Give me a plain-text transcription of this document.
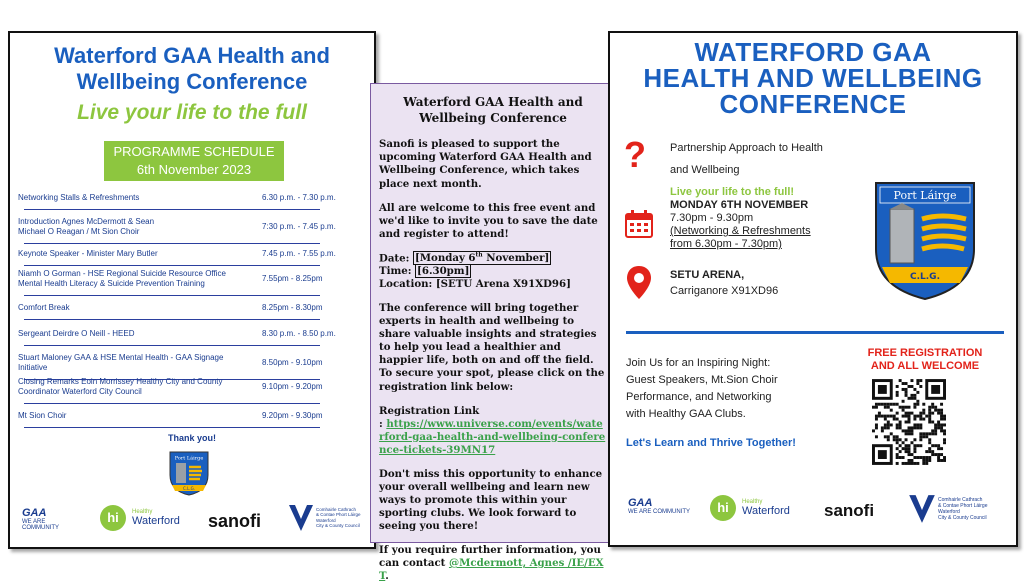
Waterford GAA Health and
Wellbeing Conference
Live your life to the full
PROGRAMME SCHEDULE
6th November 2023
Networking Stalls & Refreshments	6.30 p.m. - 7.30 p.m.
Introduction Agnes McDermott & Sean
Michael O Reagan / Mt Sion Choir
7:30 p.m. - 7.45 p.m.
Keynote Speaker - Minister Mary Butler	7.45 p.m. - 7.55 p.m.
Niamh O Gorman - HSE Regional Suicide Resource Office
Mental Health Literacy & Suicide Prevention Training
7.55pm - 8.25pm
Comfort Break	8.25pm - 8.30pm
Sergeant Deirdre O Neill - HEED	8.30 p.m. - 8.50 p.m.
Stuart Maloney GAA & HSE Mental Health - GAA Signage
Initiative
8.50pm - 9.10pm
Closing Remarks Eoin Morrissey Healthy City and County
Coordinator Waterford City Council
9.10pm - 9.20pm
Mt Sion Choir	9.20pm - 9.30pm
Thank you!
Port Láirge
C.L.G.
GAA
WE ARE COMMUNITY
hi	Healthy
Waterford sanofi
Comhairle Cathrach
& Contae Phort Láirge
Waterford
City & County Council
Waterford GAA Health and
Wellbeing Conference

Sanofi is pleased to support the upcoming Waterford GAA Health and Wellbeing Conference, which takes place next month.

All are welcome to this free event and we'd like to invite you to save the date and register to attend!

Date: [Monday 6th November]
Time: [6.30pm]
Location: [SETU Arena X91XD96]

The conference will bring together experts in health and wellbeing to share valuable insights and strategies to help you lead a healthier and happier life, both on and off the field. To secure your spot, please click on the registration link below:

Registration Link
: https://www.universe.com/events/waterford-gaa-health-and-wellbeing-conference-tickets-39MN17

Don't miss this opportunity to enhance your overall wellbeing and learn new ways to promote this within your sporting clubs. We look forward to seeing you there!

If you require further information, you can contact @Mcdermott, Agnes /IE/EXT.

WATERFORD GAA
HEALTH AND WELLBEING
CONFERENCE
? Partnership Approach to Health
and Wellbeing
Live your life to the full!
MONDAY 6TH NOVEMBER
7.30pm - 9.30pm
(Networking & Refreshments
from 6.30pm - 7.30pm)
SETU ARENA,
Carriganore X91XD96
Port Láirge
C.L.G.
Join Us for an Inspiring Night:
Guest Speakers, Mt.Sion Choir
Performance, and Networking
with Healthy GAA Clubs.
Let's Learn and Thrive Together!
FREE REGISTRATION
AND ALL WELCOME
GAA
WE ARE COMMUNITY	hi	Healthy
Waterford sanofi
Comhairle Cathrach
& Contae Phort Láirge
Waterford
City & County Council
